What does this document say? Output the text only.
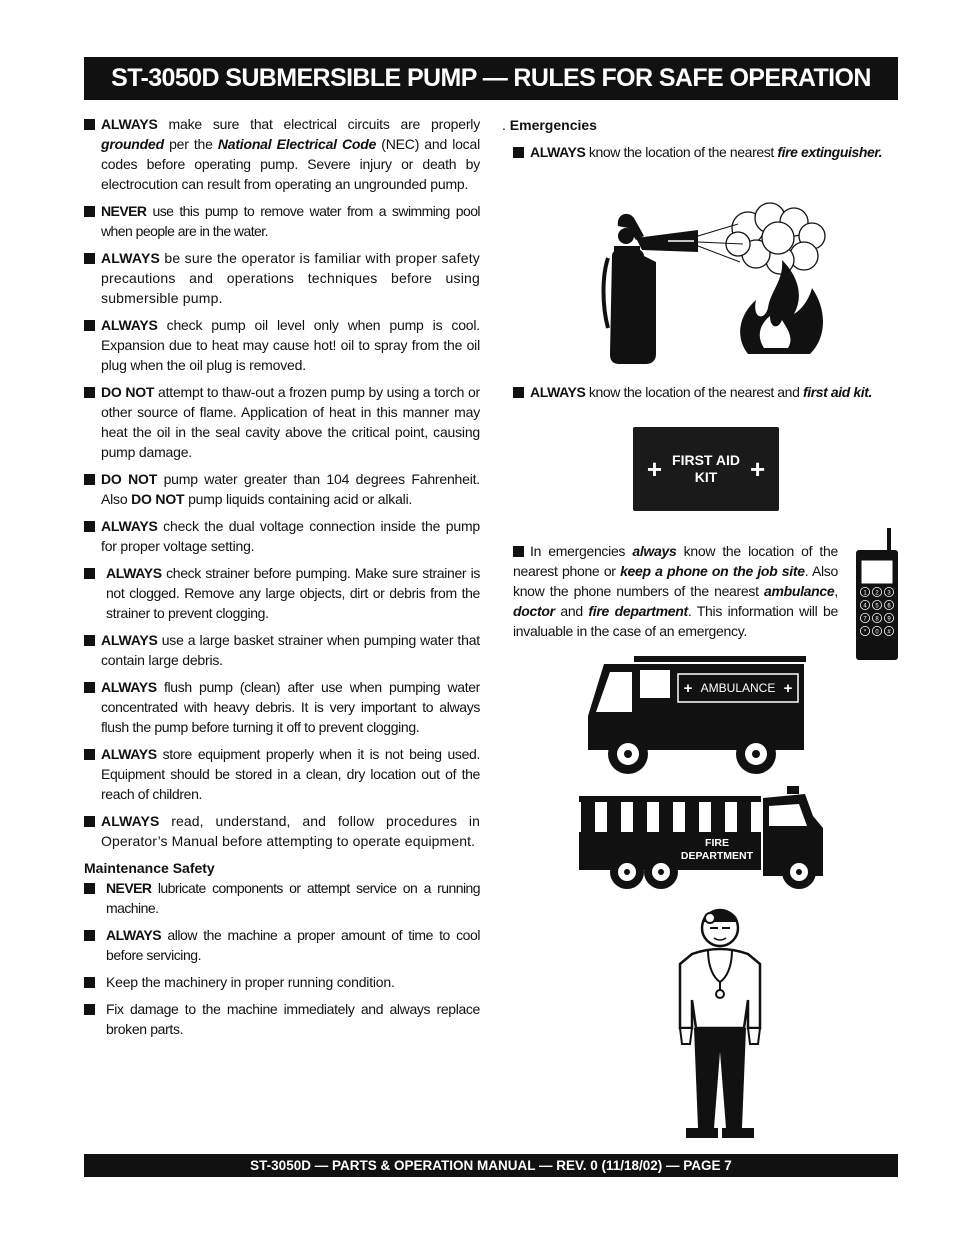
ST-3050D SUBMERSIBLE PUMP — RULES FOR SAFE OPERATION
ALWAYS make sure that electrical circuits are properly grounded per the National Electrical Code (NEC) and local codes before operating pump. Severe injury or death by electrocution can result from operating an ungrounded pump.
NEVER use this pump to remove water from a swimming pool when people are in the water.
ALWAYS be sure the operator is familiar with proper safety precautions and operations techniques before using submersible pump.
ALWAYS check pump oil level only when pump is cool. Expansion due to heat may cause hot! oil to spray from the oil plug when the oil plug is removed.
DO NOT attempt to thaw-out a frozen pump by using a torch or other source of flame. Application of heat in this manner may heat the oil in the seal cavity above the critical point, causing pump damage.
DO NOT pump water greater than 104 degrees Fahrenheit. Also DO NOT pump liquids containing acid or alkali.
ALWAYS check the dual voltage connection inside the pump for proper voltage setting.
ALWAYS check strainer before pumping. Make sure strainer is not clogged. Remove any large objects, dirt or debris from the strainer to prevent clogging.
ALWAYS use a large basket strainer when pumping water that contain large debris.
ALWAYS flush pump (clean) after use when pumping water concentrated with heavy debris. It is very important to always flush the pump before turning it off to prevent clogging.
ALWAYS store equipment properly when it is not being used. Equipment should be stored in a clean, dry location out of the reach of children.
ALWAYS read, understand, and follow procedures in Operator’s Manual before attempting to operate equipment.
Maintenance Safety
NEVER lubricate components or attempt service on a running machine.
ALWAYS allow the machine a proper amount of time to cool before servicing.
Keep the machinery in proper running condition.
Fix damage to the machine immediately and always replace broken parts.
. Emergencies
ALWAYS know the location of the nearest fire extinguisher.
ALWAYS know the location of the nearest and first aid kit.
+ FIRST AID
KIT	+
In emergencies always know the location of the nearest phone or keep a phone on the job site. Also know the phone numbers of the nearest ambulance, doctor and fire department. This information will be invaluable in the case of an emergency.
1 2 3
4 5 6
7 8 9
* 0 #
AMBULANCE
+	+
FIRE
DEPARTMENT
ST-3050D — PARTS & OPERATION MANUAL — REV. 0 (11/18/02) — PAGE 7
